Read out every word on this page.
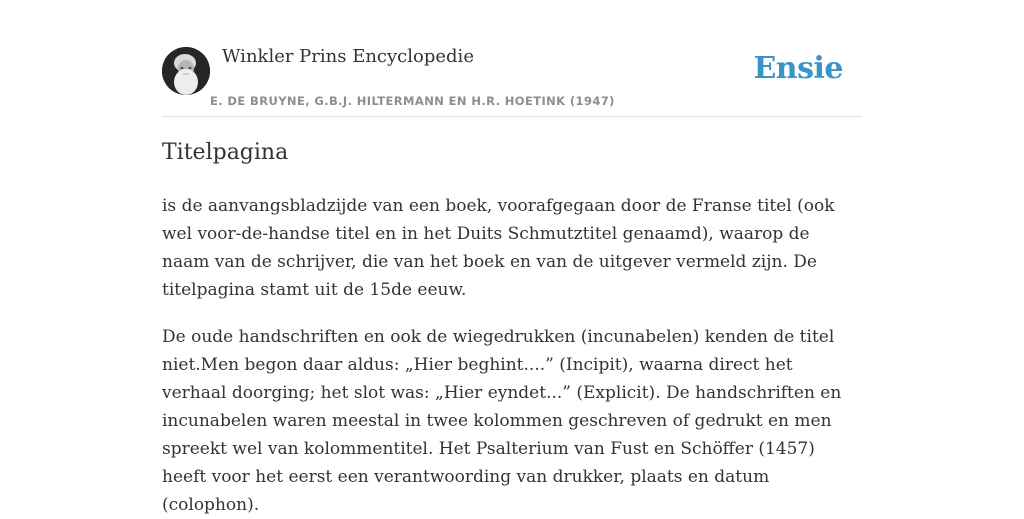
Winkler Prins Encyclopedie
E. DE BRUYNE, G.B.J. HILTERMANN EN H.R. HOETINK (1947)
Ensie
Titelpagina

is de aanvangsbladzijde van een boek, voorafgegaan door de Franse titel (ook wel voor-de-handse titel en in het Duits Schmutztitel genaamd), waarop de naam van de schrijver, die van het boek en van de uitgever vermeld zijn. De titelpagina stamt uit de 15de eeuw.

De oude handschriften en ook de wiegedrukken (incunabelen) kenden de titel niet.Men begon daar aldus: „Hier beghint....” (Incipit), waarna direct het verhaal doorging; het slot was: „Hier eyndet...” (Explicit). De handschriften en incunabelen waren meestal in twee kolommen geschreven of gedrukt en men spreekt wel van kolommentitel. Het Psalterium van Fust en Schöffer (1457) heeft voor het eerst een verantwoording van drukker, plaats en datum (colophon).
